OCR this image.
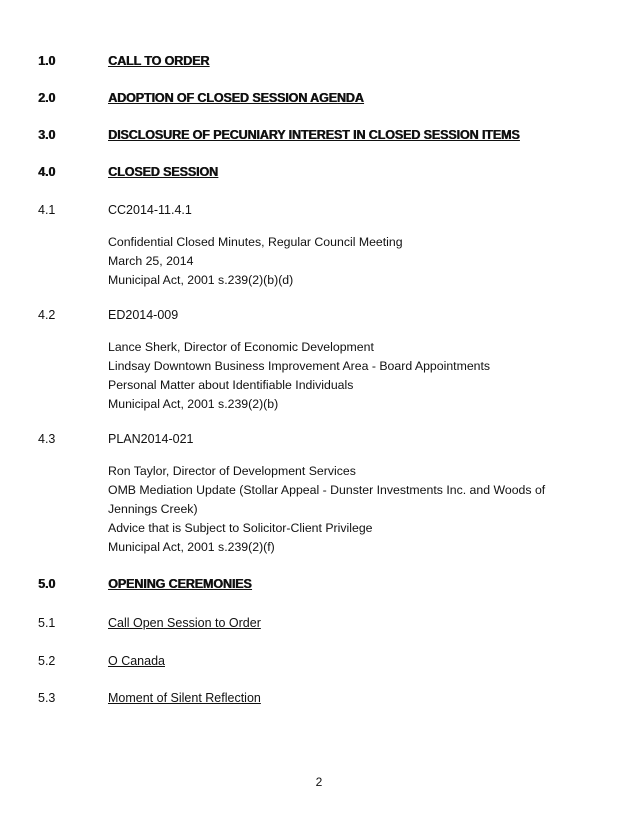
1.0	CALL TO ORDER
2.0	ADOPTION OF CLOSED SESSION AGENDA
3.0	DISCLOSURE OF PECUNIARY INTEREST IN CLOSED SESSION ITEMS
4.0	CLOSED SESSION
4.1	CC2014-11.4.1
Confidential Closed Minutes, Regular Council Meeting
March 25, 2014
Municipal Act, 2001 s.239(2)(b)(d)
4.2	ED2014-009
Lance Sherk, Director of Economic Development
Lindsay Downtown Business Improvement Area - Board Appointments
Personal Matter about Identifiable Individuals
Municipal Act, 2001 s.239(2)(b)
4.3	PLAN2014-021
Ron Taylor, Director of Development Services
OMB Mediation Update (Stollar Appeal - Dunster Investments Inc. and Woods of Jennings Creek)
Advice that is Subject to Solicitor-Client Privilege
Municipal Act, 2001 s.239(2)(f)
5.0	OPENING CEREMONIES
5.1	Call Open Session to Order
5.2	O Canada
5.3	Moment of Silent Reflection
2
